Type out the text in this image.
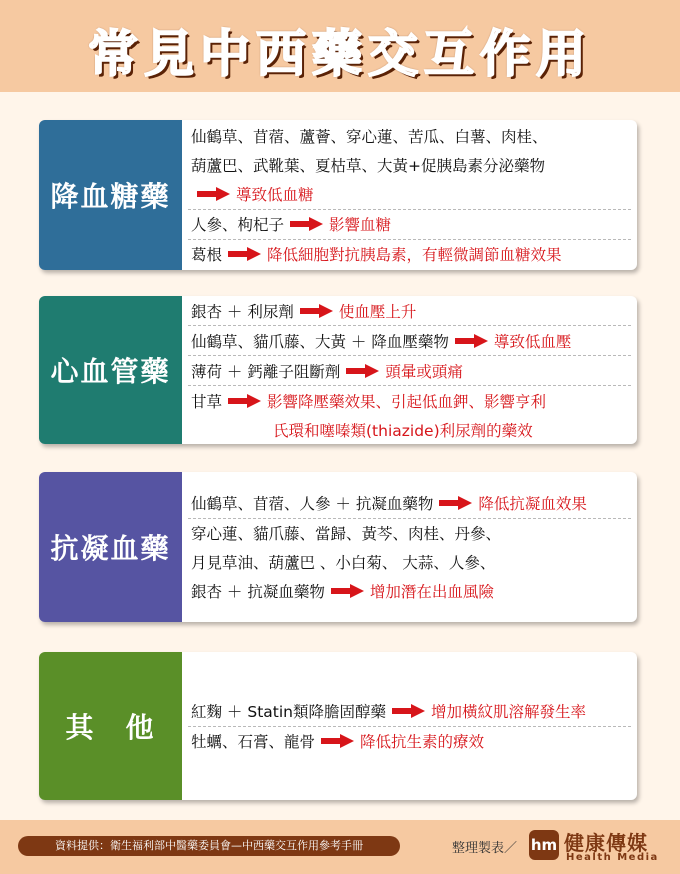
常見中西藥交互作用
降血糖藥
仙鶴草、苜蓿、蘆薈、穿心蓮、苦瓜、白薯、肉桂、
葫蘆巴、武靴葉、夏枯草、大黃+促胰島素分泌藥物
導致低血糖
人參、枸杞子	影響血糖
葛根	降低細胞對抗胰島素，有輕微調節血糖效果
心血管藥
銀杏 ＋ 利尿劑	使血壓上升
仙鶴草、貓爪藤、大黃 ＋ 降血壓藥物	導致低血壓
薄荷 ＋ 鈣離子阻斷劑	頭暈或頭痛
甘草	影響降壓藥效果、引起低血鉀、影響亨利
氏環和噻嗪類(thiazide)利尿劑的藥效
抗凝血藥
仙鶴草、苜蓿、人參 ＋ 抗凝血藥物	降低抗凝血效果
穿心蓮、貓爪藤、當歸、黃芩、肉桂、丹參、
月見草油、葫蘆巴 、小白菊、 大蒜、人參、
銀杏 ＋ 抗凝血藥物	增加潛在出血風險
其　他	紅麴 ＋ Statin類降膽固醇藥	增加橫紋肌溶解發生率
牡蠣、石膏、龍骨	降低抗生素的療效
資料提供：衛生福利部中醫藥委員會—中西藥交互作用參考手冊	整理製表／ hm 健康傳媒
Health Media
